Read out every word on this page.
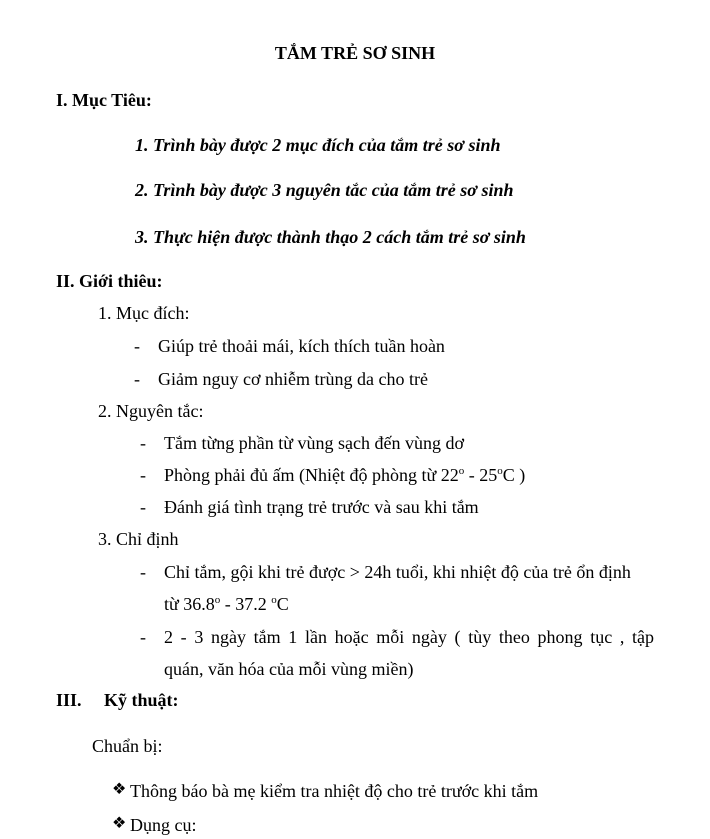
TẮM TRẺ SƠ SINH
I. Mục Tiêu:
1. Trình bày được 2 mục đích của tắm trẻ sơ sinh
2. Trình bày được 3 nguyên tắc của tắm trẻ sơ sinh
3. Thực hiện được thành thạo 2 cách tắm trẻ sơ sinh
II. Giới thiêu:
1. Mục đích:
- Giúp trẻ thoải mái, kích thích tuần hoàn
- Giảm nguy cơ nhiễm trùng da cho trẻ
2. Nguyên tắc:
- Tắm từng phần từ vùng sạch đến vùng dơ
- Phòng phải đủ ấm (Nhiệt độ phòng từ 22$^o$ - 25$^o$C )
- Đánh giá tình trạng trẻ trước và sau khi tắm
3. Chỉ định
- Chỉ tắm, gội khi trẻ được > 24h tuổi, khi nhiệt độ của trẻ ổn định
từ 36.8$^o$ - 37.2 $^o$C
- 2 - 3 ngày tắm 1 lần hoặc mỗi ngày ( tùy theo phong tục , tập
quán, văn hóa của mỗi vùng miền)
III. Kỹ thuật:
Chuẩn bị:
❖ Thông báo bà mẹ kiểm tra nhiệt độ cho trẻ trước khi tắm
❖ Dụng cụ:
